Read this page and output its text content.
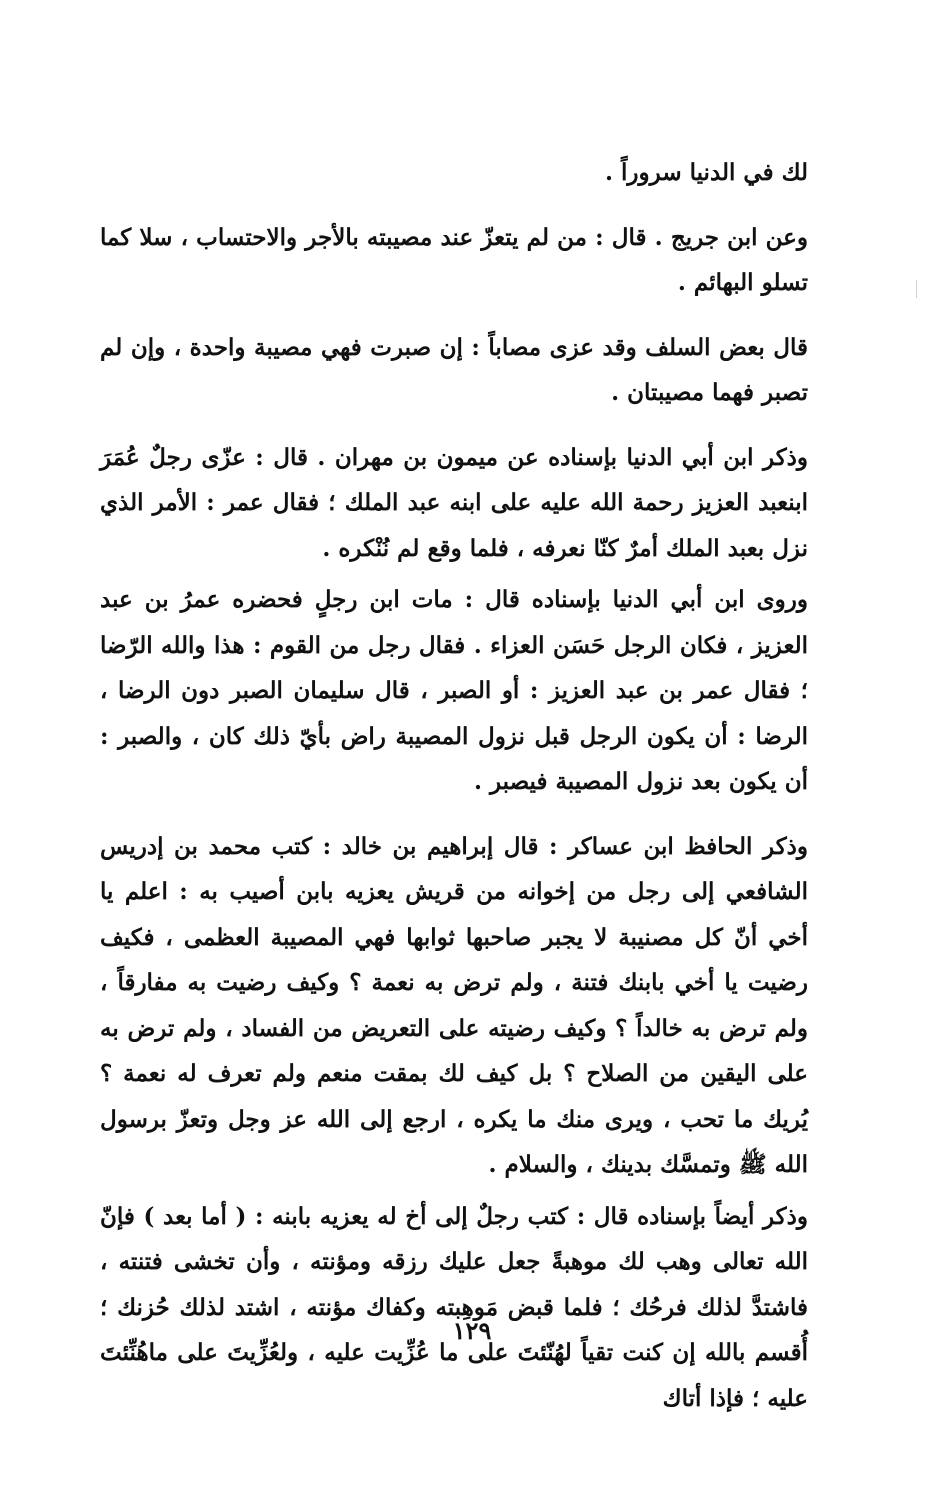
لك في الدنيا سروراً .

وعن ابن جريج . قال : من لم يتعزّ عند مصيبته بالأجر والاحتساب ، سلا كما تسلو البهائم .

قال بعض السلف وقد عزى مصاباً : إن صبرت فهي مصيبة واحدة ، وإن لم تصبر فهما مصيبتان .

وذكر ابن أبي الدنيا بإسناده عن ميمون بن مهران . قال : عزّى رجلٌ عُمَرَ ابنعبد العزيز رحمة الله عليه على ابنه عبد الملك ؛ فقال عمر : الأمر الذي نزل بعبد الملك أمرٌ كنّا نعرفه ، فلما وقع لم نُنْكره .

وروى ابن أبي الدنيا بإسناده قال : مات ابن رجلٍ فحضره عمرُ بن عبد العزيز ، فكان الرجل حَسَن العزاء . فقال رجل من القوم : هذا والله الرّضا ؛ فقال عمر بن عبد العزيز : أو الصبر ، قال سليمان الصبر دون الرضا ، الرضا : أن يكون الرجل قبل نزول المصيبة راض بأيّ ذلك كان ، والصبر : أن يكون بعد نزول المصيبة فيصبر .

وذكر الحافظ ابن عساكر : قال إبراهيم بن خالد : كتب محمد بن إدريس الشافعي إلى رجل من إخوانه من قريش يعزيه بابن أصيب به : اعلم يا أخي أنّ كل مصنيبة لا يجبر صاحبها ثوابها فهي المصيبة العظمى ، فكيف رضيت يا أخي بابنك فتنة ، ولم ترض به نعمة ؟ وكيف رضيت به مفارقاً ، ولم ترض به خالداً ؟ وكيف رضيته على التعريض من الفساد ، ولم ترض به على اليقين من الصلاح ؟ بل كيف لك بمقت منعم ولم تعرف له نعمة ؟ يُريك ما تحب ، ويرى منك ما يكره ، ارجع إلى الله عز وجل وتعزّ برسول الله ﷺ وتمسَّك بدينك ، والسلام .

وذكر أيضاً بإسناده قال : كتب رجلٌ إلى أخ له يعزيه بابنه : ( أما بعد ) فإنّ الله تعالى وهب لك موهبةً جعل عليك رزقه ومؤنته ، وأن تخشى فتنته ، فاشتدَّ لذلك فرحُك ؛ فلما قبض مَوهِبته وكفاك مؤنته ، اشتد لذلك حُزنك ؛ أُقسم بالله إن كنت تقياً لهُنّئتَ على ما عُزِّيت عليه ، ولعُزِّيتَ على ماهُنِّئتَ عليه ؛ فإذا أتاك

١٢٩
